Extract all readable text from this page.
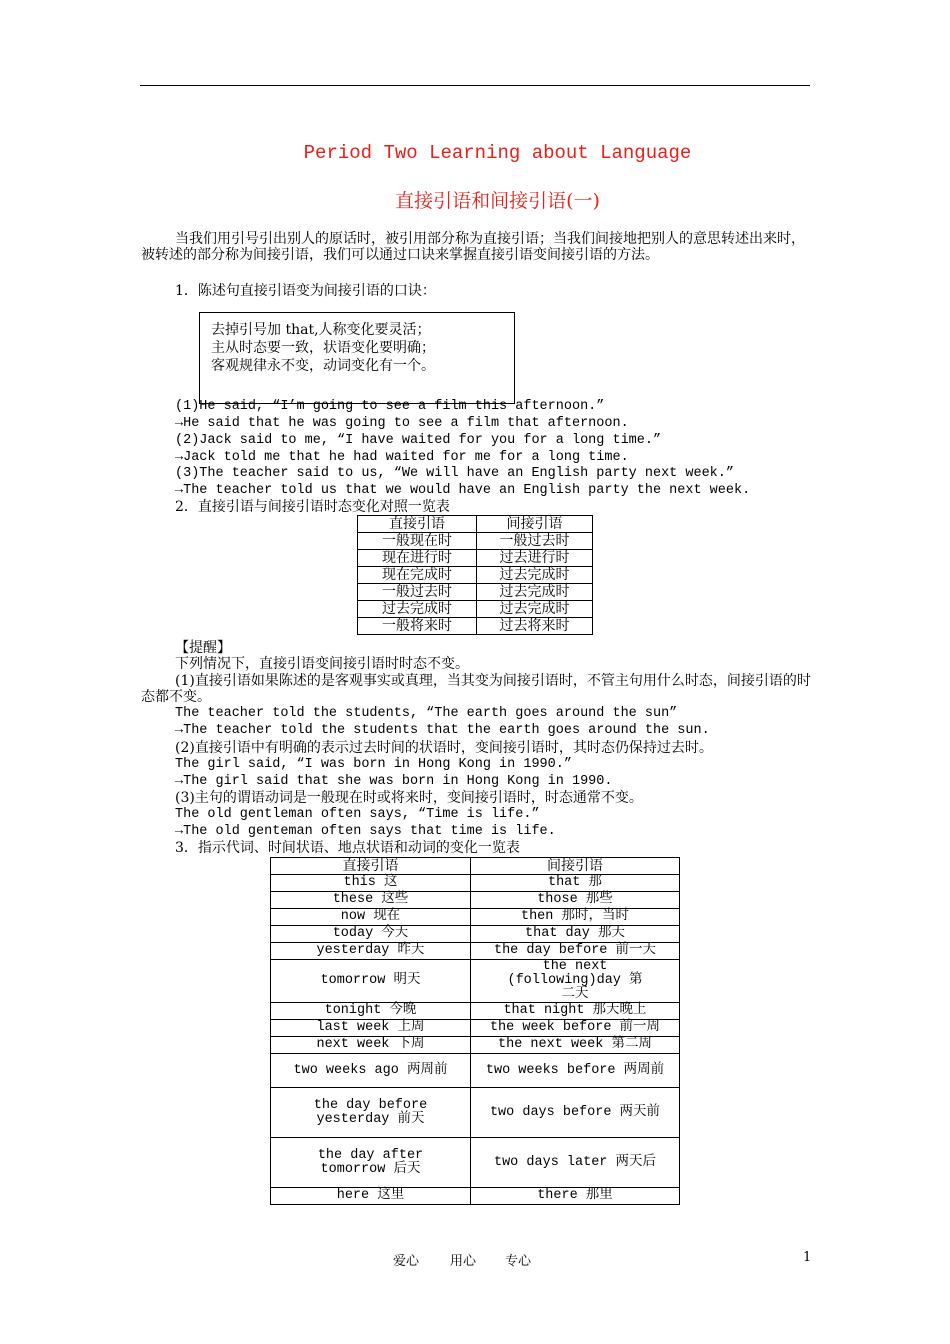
Period Two Learning about Language
直接引语和间接引语(一)
当我们用引号引出别人的原话时，被引用部分称为直接引语；当我们间接地把别人的意思转述出来时，被转述的部分称为间接引语，我们可以通过口诀来掌握直接引语变间接引语的方法。
1．陈述句直接引语变为间接引语的口诀：
去掉引号加 that,人称变化要灵活；
主从时态要一致，状语变化要明确；
客观规律永不变，动词变化有一个。
(1)He said, “I’m going to see a film this afternoon.”
→He said that he was going to see a film that afternoon.
(2)Jack said to me, “I have waited for you for a long time.”
→Jack told me that he had waited for me for a long time.
(3)The teacher said to us, “We will have an English party next week.”
→The teacher told us that we would have an English party the next week.
2．直接引语与间接引语时态变化对照一览表
直接引语	间接引语
一般现在时	一般过去时
现在进行时	过去进行时
现在完成时	过去完成时
一般过去时	过去完成时
过去完成时	过去完成时
一般将来时	过去将来时
【提醒】
下列情况下，直接引语变间接引语时时态不变。
(1)直接引语如果陈述的是客观事实或真理，当其变为间接引语时，不管主句用什么时态，间接引语的时态都不变。
The teacher told the students, “The earth goes around the sun”
→The teacher told the students that the earth goes around the sun.
(2)直接引语中有明确的表示过去时间的状语时，变间接引语时，其时态仍保持过去时。
The girl said, “I was born in Hong Kong in 1990.”
→The girl said that she was born in Hong Kong in 1990.
(3)主句的谓语动词是一般现在时或将来时，变间接引语时，时态通常不变。
The old gentleman often says, “Time is life.”
→The old genteman often says that time is life.
3．指示代词、时间状语、地点状语和动词的变化一览表
直接引语	间接引语
this 这	that 那
these 这些	those 那些
now 现在	then 那时，当时
today 今天	that day 那天
yesterday 昨天	the day before 前一天
tomorrow 明天	the next (following)day 第二天
tonight 今晚	that night 那天晚上
last week 上周	the week before 前一周
next week 下周	the next week 第二周
two weeks ago 两周前	two weeks before 两周前
the day before yesterday 前天	two days before 两天前
the day after tomorrow 后天	two days later 两天后
here 这里	there 那里
爱心 用心 专心	1
